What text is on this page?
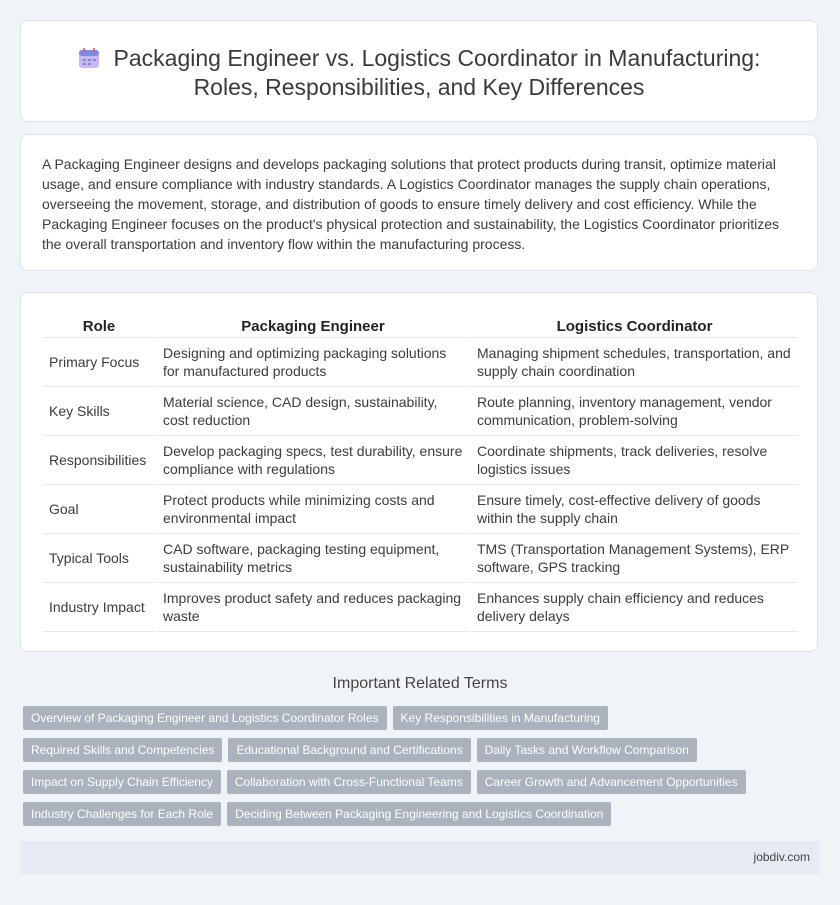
Packaging Engineer vs. Logistics Coordinator in Manufacturing:
Roles, Responsibilities, and Key Differences
A Packaging Engineer designs and develops packaging solutions that protect products during transit, optimize material usage, and ensure compliance with industry standards. A Logistics Coordinator manages the supply chain operations, overseeing the movement, storage, and distribution of goods to ensure timely delivery and cost efficiency. While the Packaging Engineer focuses on the product's physical protection and sustainability, the Logistics Coordinator prioritizes the overall transportation and inventory flow within the manufacturing process.
Role	Packaging Engineer	Logistics Coordinator
Primary Focus	Designing and optimizing packaging solutions for manufactured products	Managing shipment schedules, transportation, and supply chain coordination
Key Skills	Material science, CAD design, sustainability, cost reduction	Route planning, inventory management, vendor communication, problem-solving
Responsibilities	Develop packaging specs, test durability, ensure compliance with regulations	Coordinate shipments, track deliveries, resolve logistics issues
Goal	Protect products while minimizing costs and environmental impact	Ensure timely, cost-effective delivery of goods within the supply chain
Typical Tools	CAD software, packaging testing equipment, sustainability metrics	TMS (Transportation Management Systems), ERP software, GPS tracking
Industry Impact	Improves product safety and reduces packaging waste	Enhances supply chain efficiency and reduces delivery delays
Important Related Terms
Overview of Packaging Engineer and Logistics Coordinator Roles Key Responsibilities in ManufacturingRequired Skills and Competencies Educational Background and Certifications Daily Tasks and Workflow ComparisonImpact on Supply Chain Efficiency Collaboration with Cross-Functional Teams Career Growth and Advancement OpportunitiesIndustry Challenges for Each Role Deciding Between Packaging Engineering and Logistics Coordination
jobdiv.com
